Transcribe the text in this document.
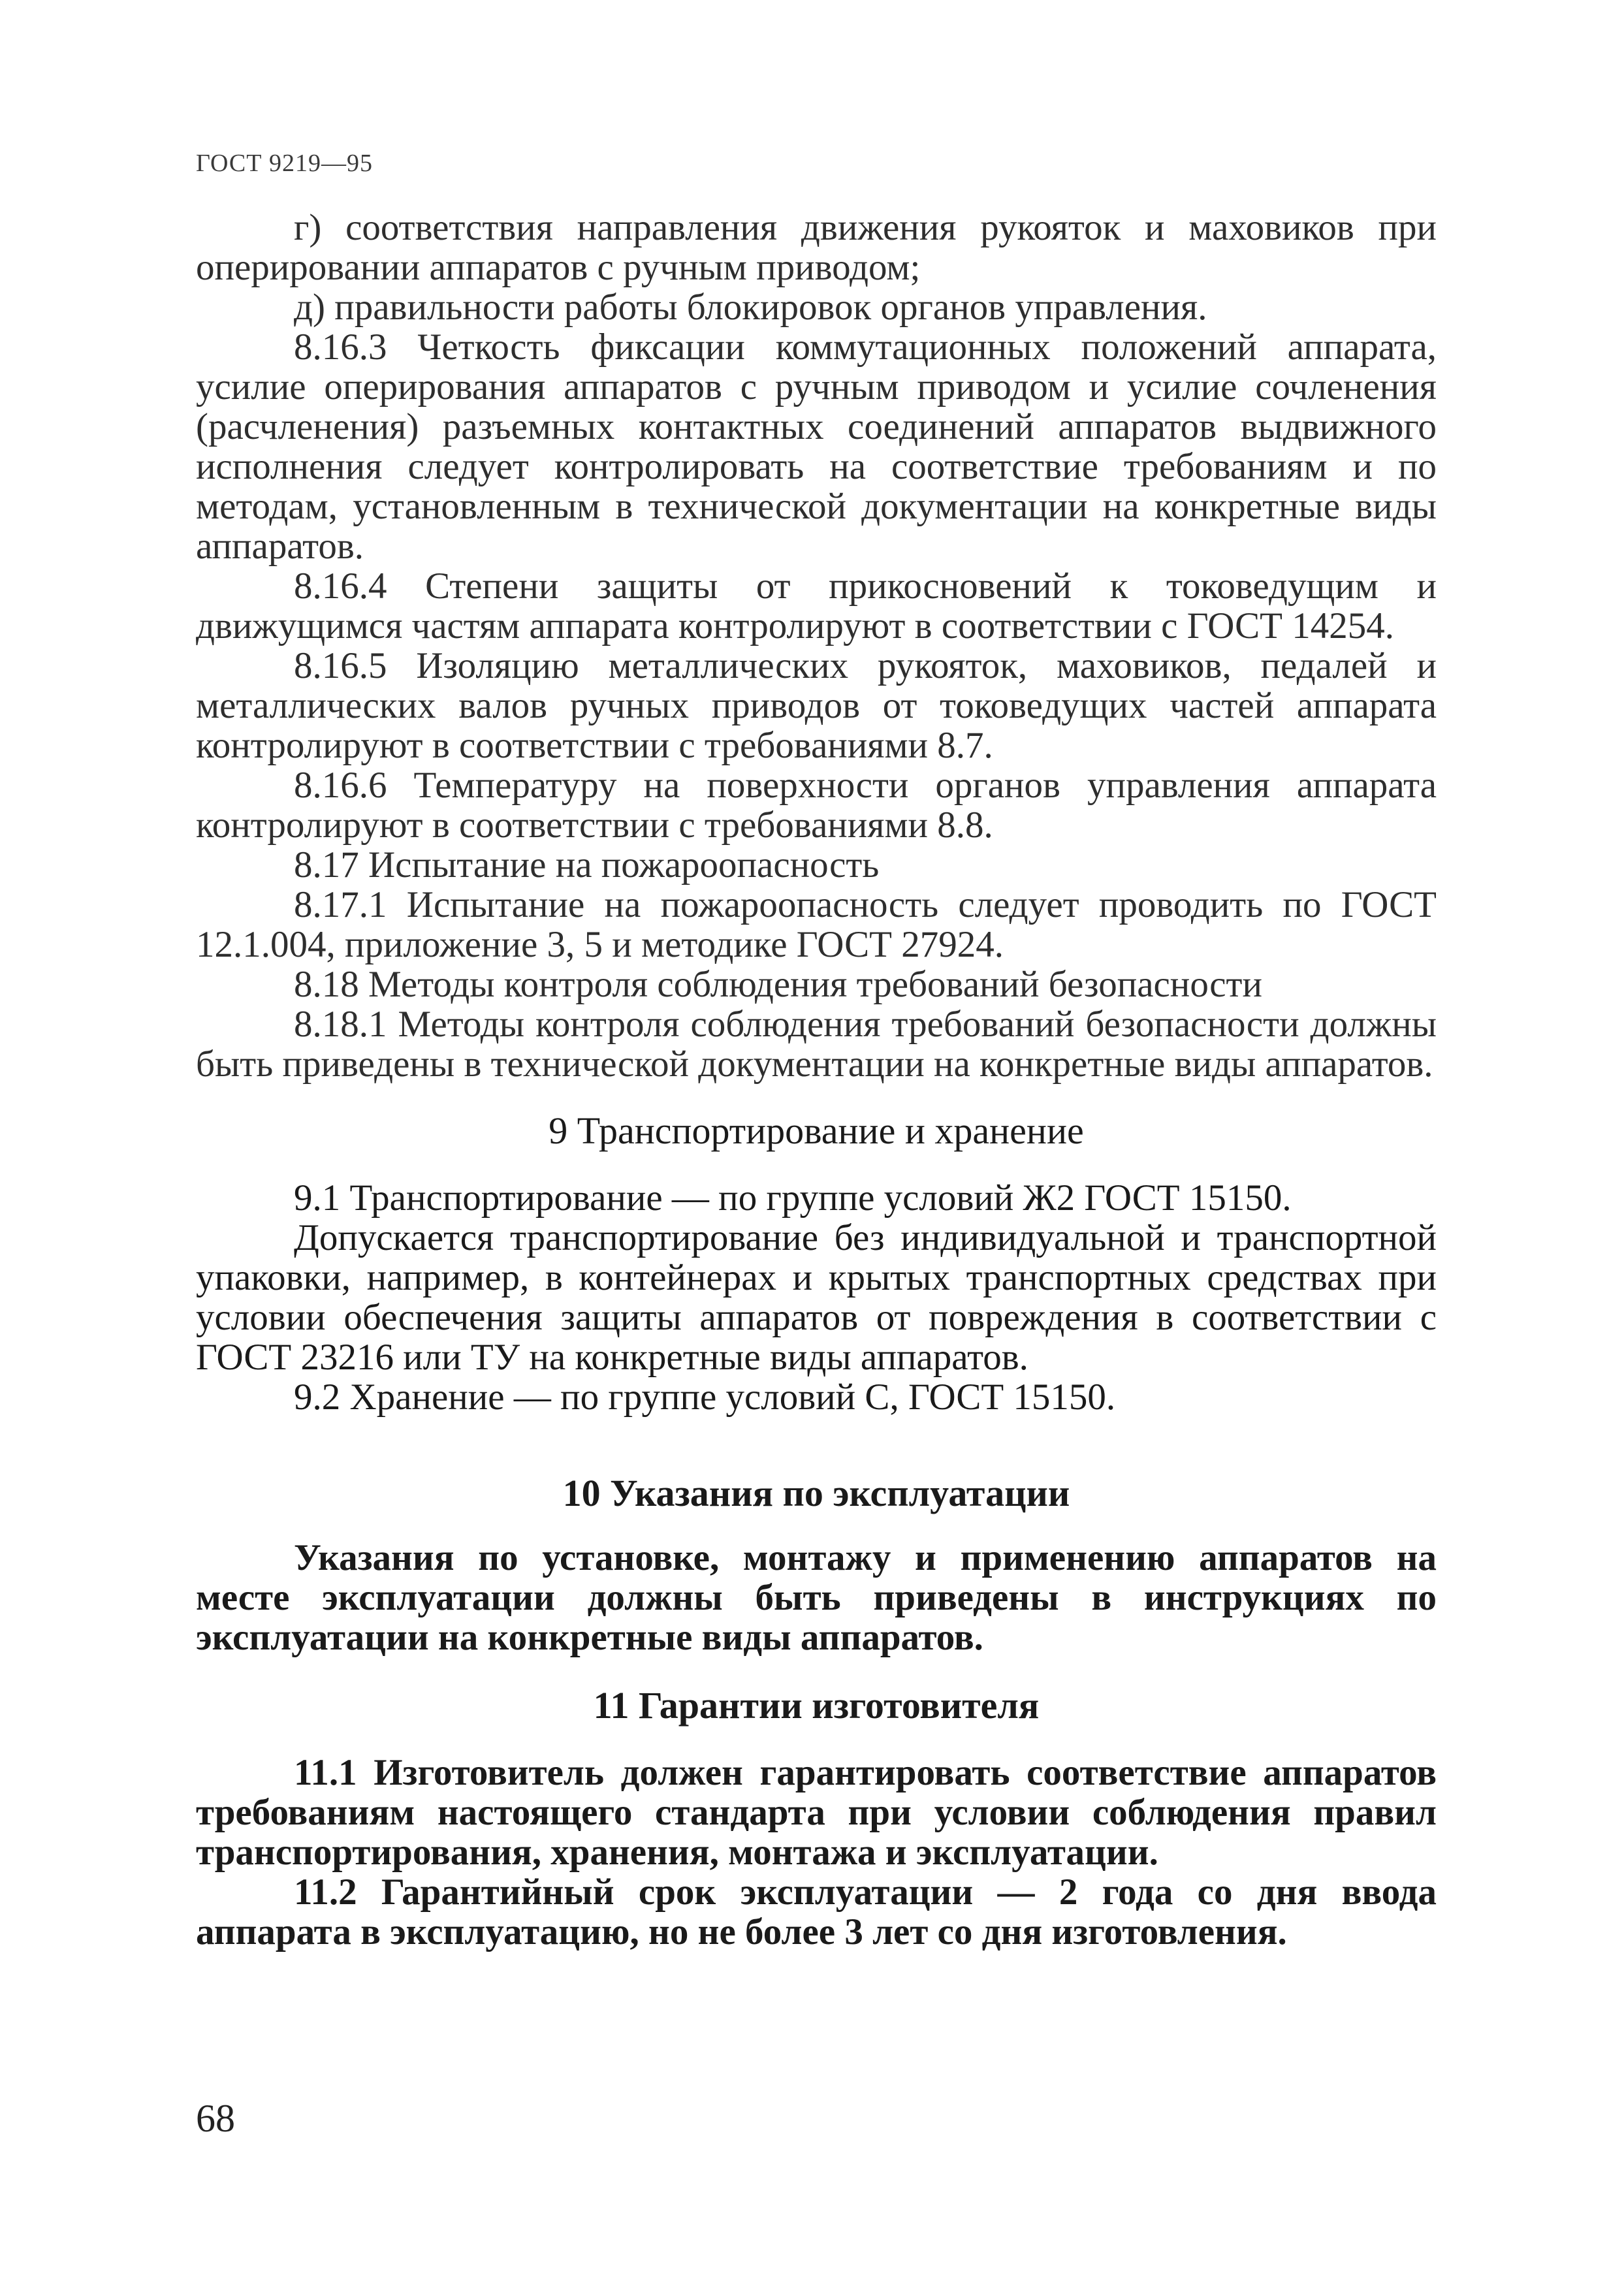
ГОСТ 9219—95

г) соответствия направления движения рукояток и маховиков при оперировании аппаратов с ручным приводом;

д) правильности работы блокировок органов управления.

8.16.3 Четкость фиксации коммутационных положений аппарата, усилие оперирования аппаратов с ручным приводом и усилие сочленения (расчленения) разъемных контактных соединений аппаратов выдвижного исполнения следует контролировать на соответствие требованиям и по методам, установленным в технической документации на конкретные виды аппаратов.

8.16.4 Степени защиты от прикосновений к токоведущим и движущимся частям аппарата контролируют в соответствии с ГОСТ 14254.

8.16.5 Изоляцию металлических рукояток, маховиков, педалей и металлических валов ручных приводов от токоведущих частей аппарата контролируют в соответствии с требованиями 8.7.

8.16.6 Температуру на поверхности органов управления аппарата контролируют в соответствии с требованиями 8.8.

8.17 Испытание на пожароопасность

8.17.1 Испытание на пожароопасность следует проводить по ГОСТ 12.1.004, приложение 3, 5 и методике ГОСТ 27924.

8.18 Методы контроля соблюдения требований безопасности

8.18.1 Методы контроля соблюдения требований безопасности должны быть приведены в технической документации на конкретные виды аппаратов.

9 Транспортирование и хранение

9.1 Транспортирование — по группе условий Ж2 ГОСТ 15150.

Допускается транспортирование без индивидуальной и транспортной упаковки, например, в контейнерах и крытых транспортных средствах при условии обеспечения защиты аппаратов от повреждения в соответствии с ГОСТ 23216 или ТУ на конкретные виды аппаратов.

9.2 Хранение — по группе условий С, ГОСТ 15150.

10 Указания по эксплуатации

Указания по установке, монтажу и применению аппаратов на месте эксплуатации должны быть приведены в инструкциях по эксплуатации на конкретные виды аппаратов.

11 Гарантии изготовителя

11.1 Изготовитель должен гарантировать соответствие аппаратов требованиям настоящего стандарта при условии соблюдения правил транспортирования, хранения, монтажа и эксплуатации.

11.2 Гарантийный срок эксплуатации — 2 года со дня ввода аппарата в эксплуатацию, но не более 3 лет со дня изготовления.

68
